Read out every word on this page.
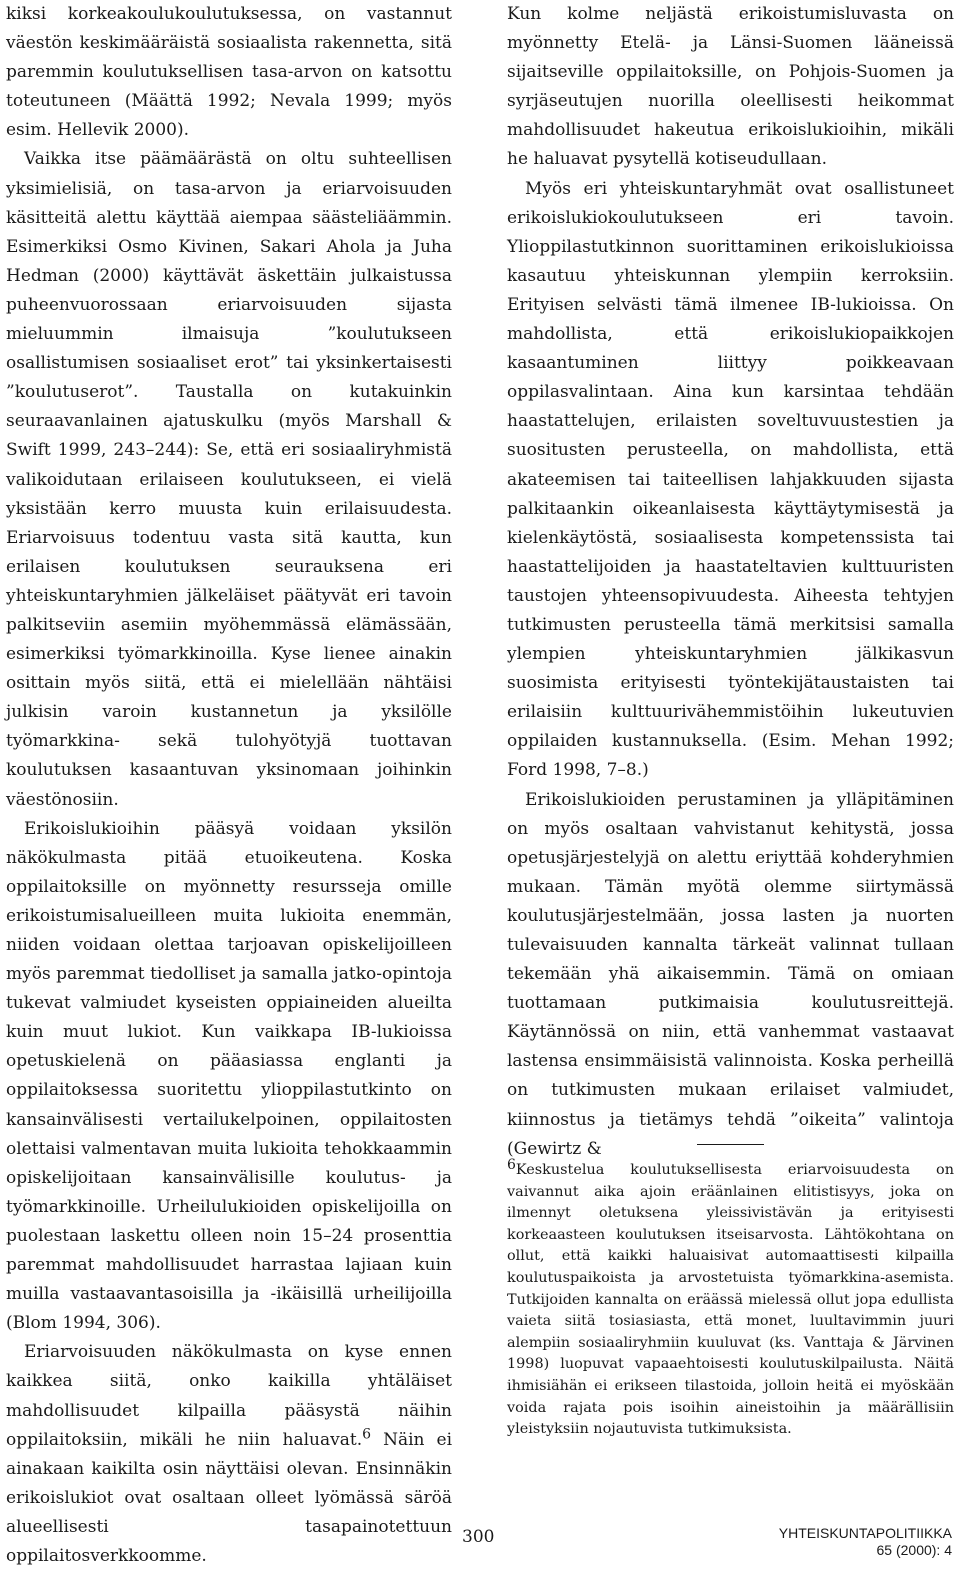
kiksi korkeakoulukoulutuksessa, on vastannut väestön keskimääräistä sosiaalista rakennetta, sitä paremmin koulutuksellisen tasa-arvon on katsottu toteutuneen (Määttä 1992; Nevala 1999; myös esim. Hellevik 2000).

Vaikka itse päämäärästä on oltu suhteellisen yksimielisiä, on tasa-arvon ja eriarvoisuuden käsitteitä alettu käyttää aiempaa säästeliäämmin. Esimerkiksi Osmo Kivinen, Sakari Ahola ja Juha Hedman (2000) käyttävät äskettäin julkaistussa puheenvuorossaan eriarvoisuuden sijasta mieluummin ilmaisuja ”koulutukseen osallistumisen sosiaaliset erot” tai yksinkertaisesti ”koulutuserot”. Taustalla on kutakuinkin seuraavanlainen ajatuskulku (myös Marshall & Swift 1999, 243–244): Se, että eri sosiaaliryhmistä valikoidutaan erilaiseen koulutukseen, ei vielä yksistään kerro muusta kuin erilaisuudesta. Eriarvoisuus todentuu vasta sitä kautta, kun erilaisen koulutuksen seurauksena eri yhteiskuntaryhmien jälkeläiset päätyvät eri tavoin palkitseviin asemiin myöhemmässä elämässään, esimerkiksi työmarkkinoilla. Kyse lienee ainakin osittain myös siitä, että ei mielellään nähtäisi julkisin varoin kustannetun ja yksilölle työmarkkina- sekä tulohyötyjä tuottavan koulutuksen kasaantuvan yksinomaan joihinkin väestönosiin.

Erikoislukioihin pääsyä voidaan yksilön näkökulmasta pitää etuoikeutena. Koska oppilaitoksille on myönnetty resursseja omille erikoistumisalueilleen muita lukioita enemmän, niiden voidaan olettaa tarjoavan opiskelijoilleen myös paremmat tiedolliset ja samalla jatko-opintoja tukevat valmiudet kyseisten oppiaineiden alueilta kuin muut lukiot. Kun vaikkapa IB-lukioissa opetuskielenä on pääasiassa englanti ja oppilaitoksessa suoritettu ylioppilastutkinto on kansainvälisesti vertailukelpoinen, oppilaitosten olettaisi valmentavan muita lukioita tehokkaammin opiskelijoitaan kansainvälisille koulutus- ja työmarkkinoille. Urheilulukioiden opiskelijoilla on puolestaan laskettu olleen noin 15–24 prosenttia paremmat mahdollisuudet harrastaa lajiaan kuin muilla vastaavantasoisilla ja -ikäisillä urheilijoilla (Blom 1994, 306).

Eriarvoisuuden näkökulmasta on kyse ennen kaikkea siitä, onko kaikilla yhtäläiset mahdollisuudet kilpailla pääsystä näihin oppilaitoksiin, mikäli he niin haluavat.$^6$ Näin ei ainakaan kaikilta osin näyttäisi olevan. Ensinnäkin erikoislukiot ovat osaltaan olleet lyömässä säröä alueellisesti tasapainotettuun oppilaitosverkkoomme.

Kun kolme neljästä erikoistumisluvasta on myönnetty Etelä- ja Länsi-Suomen lääneissä sijaitseville oppilaitoksille, on Pohjois-Suomen ja syrjäseutujen nuorilla oleellisesti heikommat mahdollisuudet hakeutua erikoislukioihin, mikäli he haluavat pysytellä kotiseudullaan.

Myös eri yhteiskuntaryhmät ovat osallistuneet erikoislukiokoulutukseen eri tavoin. Ylioppilastutkinnon suorittaminen erikoislukioissa kasautuu yhteiskunnan ylempiin kerroksiin. Erityisen selvästi tämä ilmenee IB-lukioissa. On mahdollista, että erikoislukiopaikkojen kasaantuminen liittyy poikkeavaan oppilasvalintaan. Aina kun karsintaa tehdään haastattelujen, erilaisten soveltuvuustestien ja suositusten perusteella, on mahdollista, että akateemisen tai taiteellisen lahjakkuuden sijasta palkitaankin oikeanlaisesta käyttäytymisestä ja kielenkäytöstä, sosiaalisesta kompetenssista tai haastattelijoiden ja haastateltavien kulttuuristen taustojen yhteensopivuudesta. Aiheesta tehtyjen tutkimusten perusteella tämä merkitsisi samalla ylempien yhteiskuntaryhmien jälkikasvun suosimista erityisesti työntekijätaustaisten tai erilaisiin kulttuurivähemmistöihin lukeutuvien oppilaiden kustannuksella. (Esim. Mehan 1992; Ford 1998, 7–8.)

Erikoislukioiden perustaminen ja ylläpitäminen on myös osaltaan vahvistanut kehitystä, jossa opetusjärjestelyjä on alettu eriyttää kohderyhmien mukaan. Tämän myötä olemme siirtymässä koulutusjärjestelmään, jossa lasten ja nuorten tulevaisuuden kannalta tärkeät valinnat tullaan tekemään yhä aikaisemmin. Tämä on omiaan tuottamaan putkimaisia koulutusreittejä. Käytännössä on niin, että vanhemmat vastaavat lastensa ensimmäisistä valinnoista. Koska perheillä on tutkimusten mukaan erilaiset valmiudet, kiinnostus ja tietämys tehdä ”oikeita” valintoja (Gewirtz &

6Keskustelua koulutuksellisesta eriarvoisuudesta on vaivannut aika ajoin eräänlainen elitistisyys, joka on ilmennyt oletuksena yleissivistävän ja erityisesti korkeaasteen koulutuksen itseisarvosta. Lähtökohtana on ollut, että kaikki haluaisivat automaattisesti kilpailla koulutuspaikoista ja arvostetuista työmarkkina-asemista. Tutkijoiden kannalta on eräässä mielessä ollut jopa edullista vaieta siitä tosiasiasta, että monet, luultavimmin juuri alempiin sosiaaliryhmiin kuuluvat (ks. Vanttaja & Järvinen 1998) luopuvat vapaaehtoisesti koulutuskilpailusta. Näitä ihmisiähän ei erikseen tilastoida, jolloin heitä ei myöskään voida rajata pois isoihin aineistoihin ja määrällisiin yleistyksiin nojautuvista tutkimuksista.

300	YHTEISKUNTAPOLITIIKKA
65 (2000): 4
